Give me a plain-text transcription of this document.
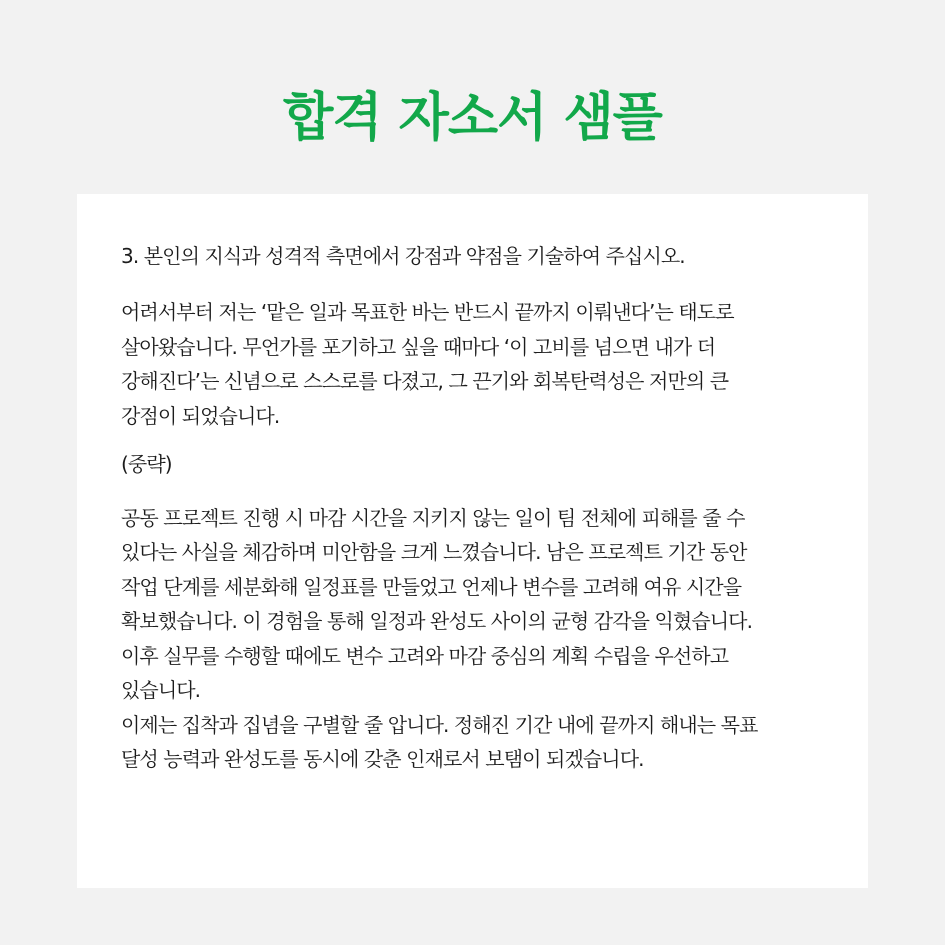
합격 자소서 샘플

3. 본인의 지식과 성격적 측면에서 강점과 약점을 기술하여 주십시오.

어려서부터 저는 ‘맡은 일과 목표한 바는 반드시 끝까지 이뤄낸다’는 태도로
살아왔습니다. 무언가를 포기하고 싶을 때마다 ‘이 고비를 넘으면 내가 더
강해진다’는 신념으로 스스로를 다졌고, 그 끈기와 회복탄력성은 저만의 큰
강점이 되었습니다.

(중략)

공동 프로젝트 진행 시 마감 시간을 지키지 않는 일이 팀 전체에 피해를 줄 수
있다는 사실을 체감하며 미안함을 크게 느꼈습니다. 남은 프로젝트 기간 동안
작업 단계를 세분화해 일정표를 만들었고 언제나 변수를 고려해 여유 시간을
확보했습니다. 이 경험을 통해 일정과 완성도 사이의 균형 감각을 익혔습니다.
이후 실무를 수행할 때에도 변수 고려와 마감 중심의 계획 수립을 우선하고
있습니다.
이제는 집착과 집념을 구별할 줄 압니다. 정해진 기간 내에 끝까지 해내는 목표
달성 능력과 완성도를 동시에 갖춘 인재로서 보탬이 되겠습니다.
